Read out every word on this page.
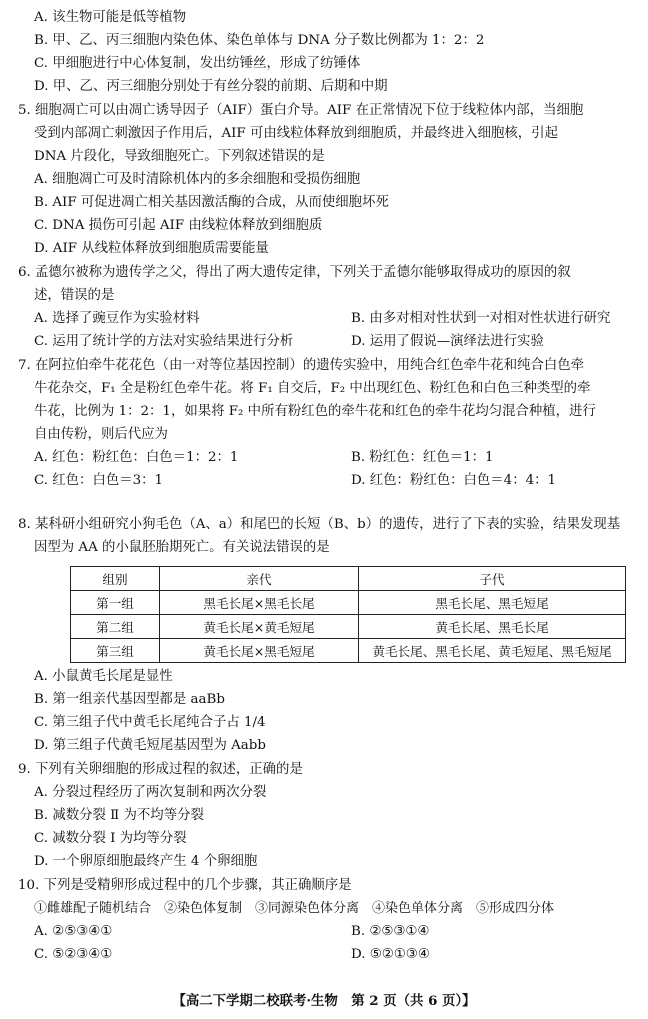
A. 该生物可能是低等植物
B. 甲、乙、丙三细胞内染色体、染色单体与 DNA 分子数比例都为 1：2：2
C. 甲细胞进行中心体复制，发出纺锤丝，形成了纺锤体
D. 甲、乙、丙三细胞分别处于有丝分裂的前期、后期和中期
5. 细胞凋亡可以由凋亡诱导因子（AIF）蛋白介导。AIF 在正常情况下位于线粒体内部，当细胞
受到内部凋亡刺激因子作用后，AIF 可由线粒体释放到细胞质，并最终进入细胞核，引起
DNA 片段化，导致细胞死亡。下列叙述错误的是
A. 细胞凋亡可及时清除机体内的多余细胞和受损伤细胞
B. AIF 可促进凋亡相关基因激活酶的合成，从而使细胞坏死
C. DNA 损伤可引起 AIF 由线粒体释放到细胞质
D. AIF 从线粒体释放到细胞质需要能量
6. 孟德尔被称为遗传学之父，得出了两大遗传定律，下列关于孟德尔能够取得成功的原因的叙
述，错误的是
A. 选择了豌豆作为实验材料	B. 由多对相对性状到一对相对性状进行研究
C. 运用了统计学的方法对实验结果进行分析	D. 运用了假说—演绎法进行实验
7. 在阿拉伯牵牛花花色（由一对等位基因控制）的遗传实验中，用纯合红色牵牛花和纯合白色牵
牛花杂交，F₁ 全是粉红色牵牛花。将 F₁ 自交后，F₂ 中出现红色、粉红色和白色三种类型的牵
牛花，比例为 1：2：1，如果将 F₂ 中所有粉红色的牵牛花和红色的牵牛花均匀混合种植，进行
自由传粉，则后代应为
A. 红色：粉红色：白色＝1：2：1	B. 粉红色：红色＝1：1
C. 红色：白色＝3：1	D. 红色：粉红色：白色＝4：4：1
8. 某科研小组研究小狗毛色（A、a）和尾巴的长短（B、b）的遗传，进行了下表的实验，结果发现基
因型为 AA 的小鼠胚胎期死亡。有关说法错误的是
组别	亲代	子代
第一组	黑毛长尾×黑毛长尾	黑毛长尾、黑毛短尾
第二组	黄毛长尾×黄毛短尾	黄毛长尾、黑毛长尾
第三组	黄毛长尾×黑毛短尾	黄毛长尾、黑毛长尾、黄毛短尾、黑毛短尾
A. 小鼠黄毛长尾是显性
B. 第一组亲代基因型都是 aaBb
C. 第三组子代中黄毛长尾纯合子占 1/4
D. 第三组子代黄毛短尾基因型为 Aabb
9. 下列有关卵细胞的形成过程的叙述，正确的是
A. 分裂过程经历了两次复制和两次分裂
B. 减数分裂 Ⅱ 为不均等分裂
C. 减数分裂 Ⅰ 为均等分裂
D. 一个卵原细胞最终产生 4 个卵细胞
10. 下列是受精卵形成过程中的几个步骤，其正确顺序是
①雌雄配子随机结合　②染色体复制　③同源染色体分离　④染色单体分离　⑤形成四分体
A. ②⑤③④①	B. ②⑤③①④
C. ⑤②③④①	D. ⑤②①③④
【高二下学期二校联考·生物　第 2 页（共 6 页）】
